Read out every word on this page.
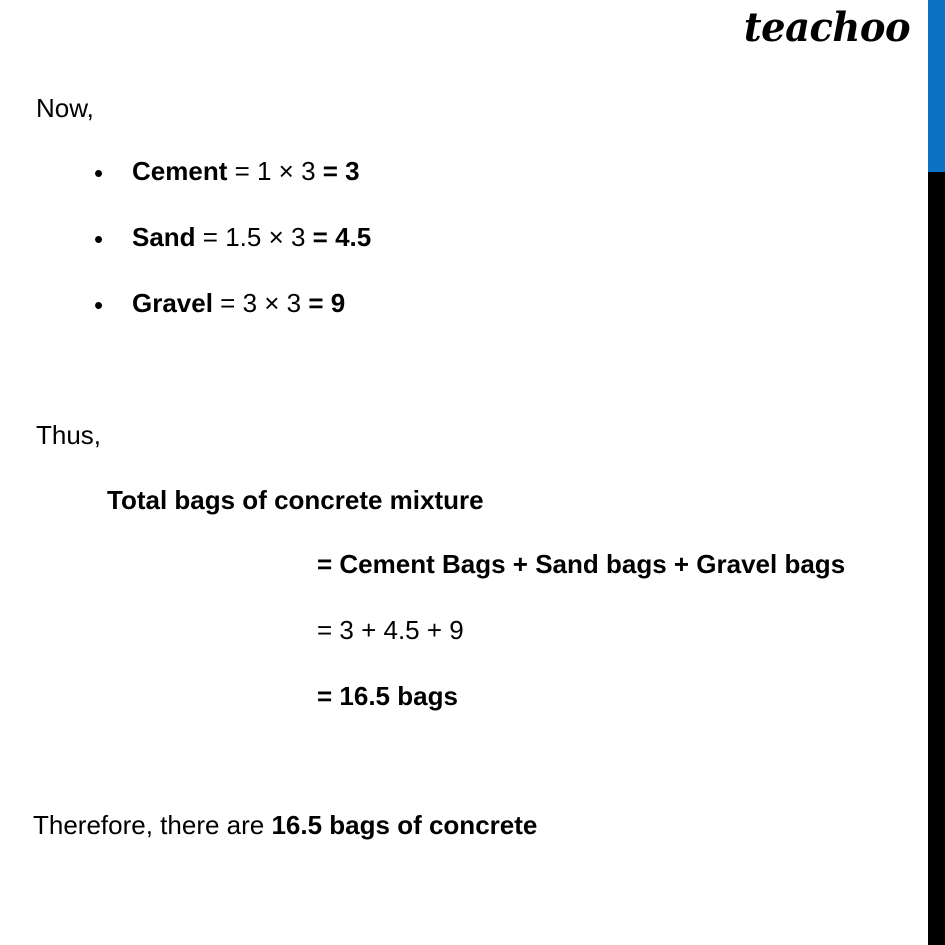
teachoo
Now,
• Cement = 1 × 3 = 3
• Sand = 1.5 × 3 = 4.5
• Gravel = 3 × 3 = 9
Thus,
Total bags of concrete mixture
= Cement Bags + Sand bags + Gravel bags
= 3 + 4.5 + 9
= 16.5 bags
Therefore, there are 16.5 bags of concrete
